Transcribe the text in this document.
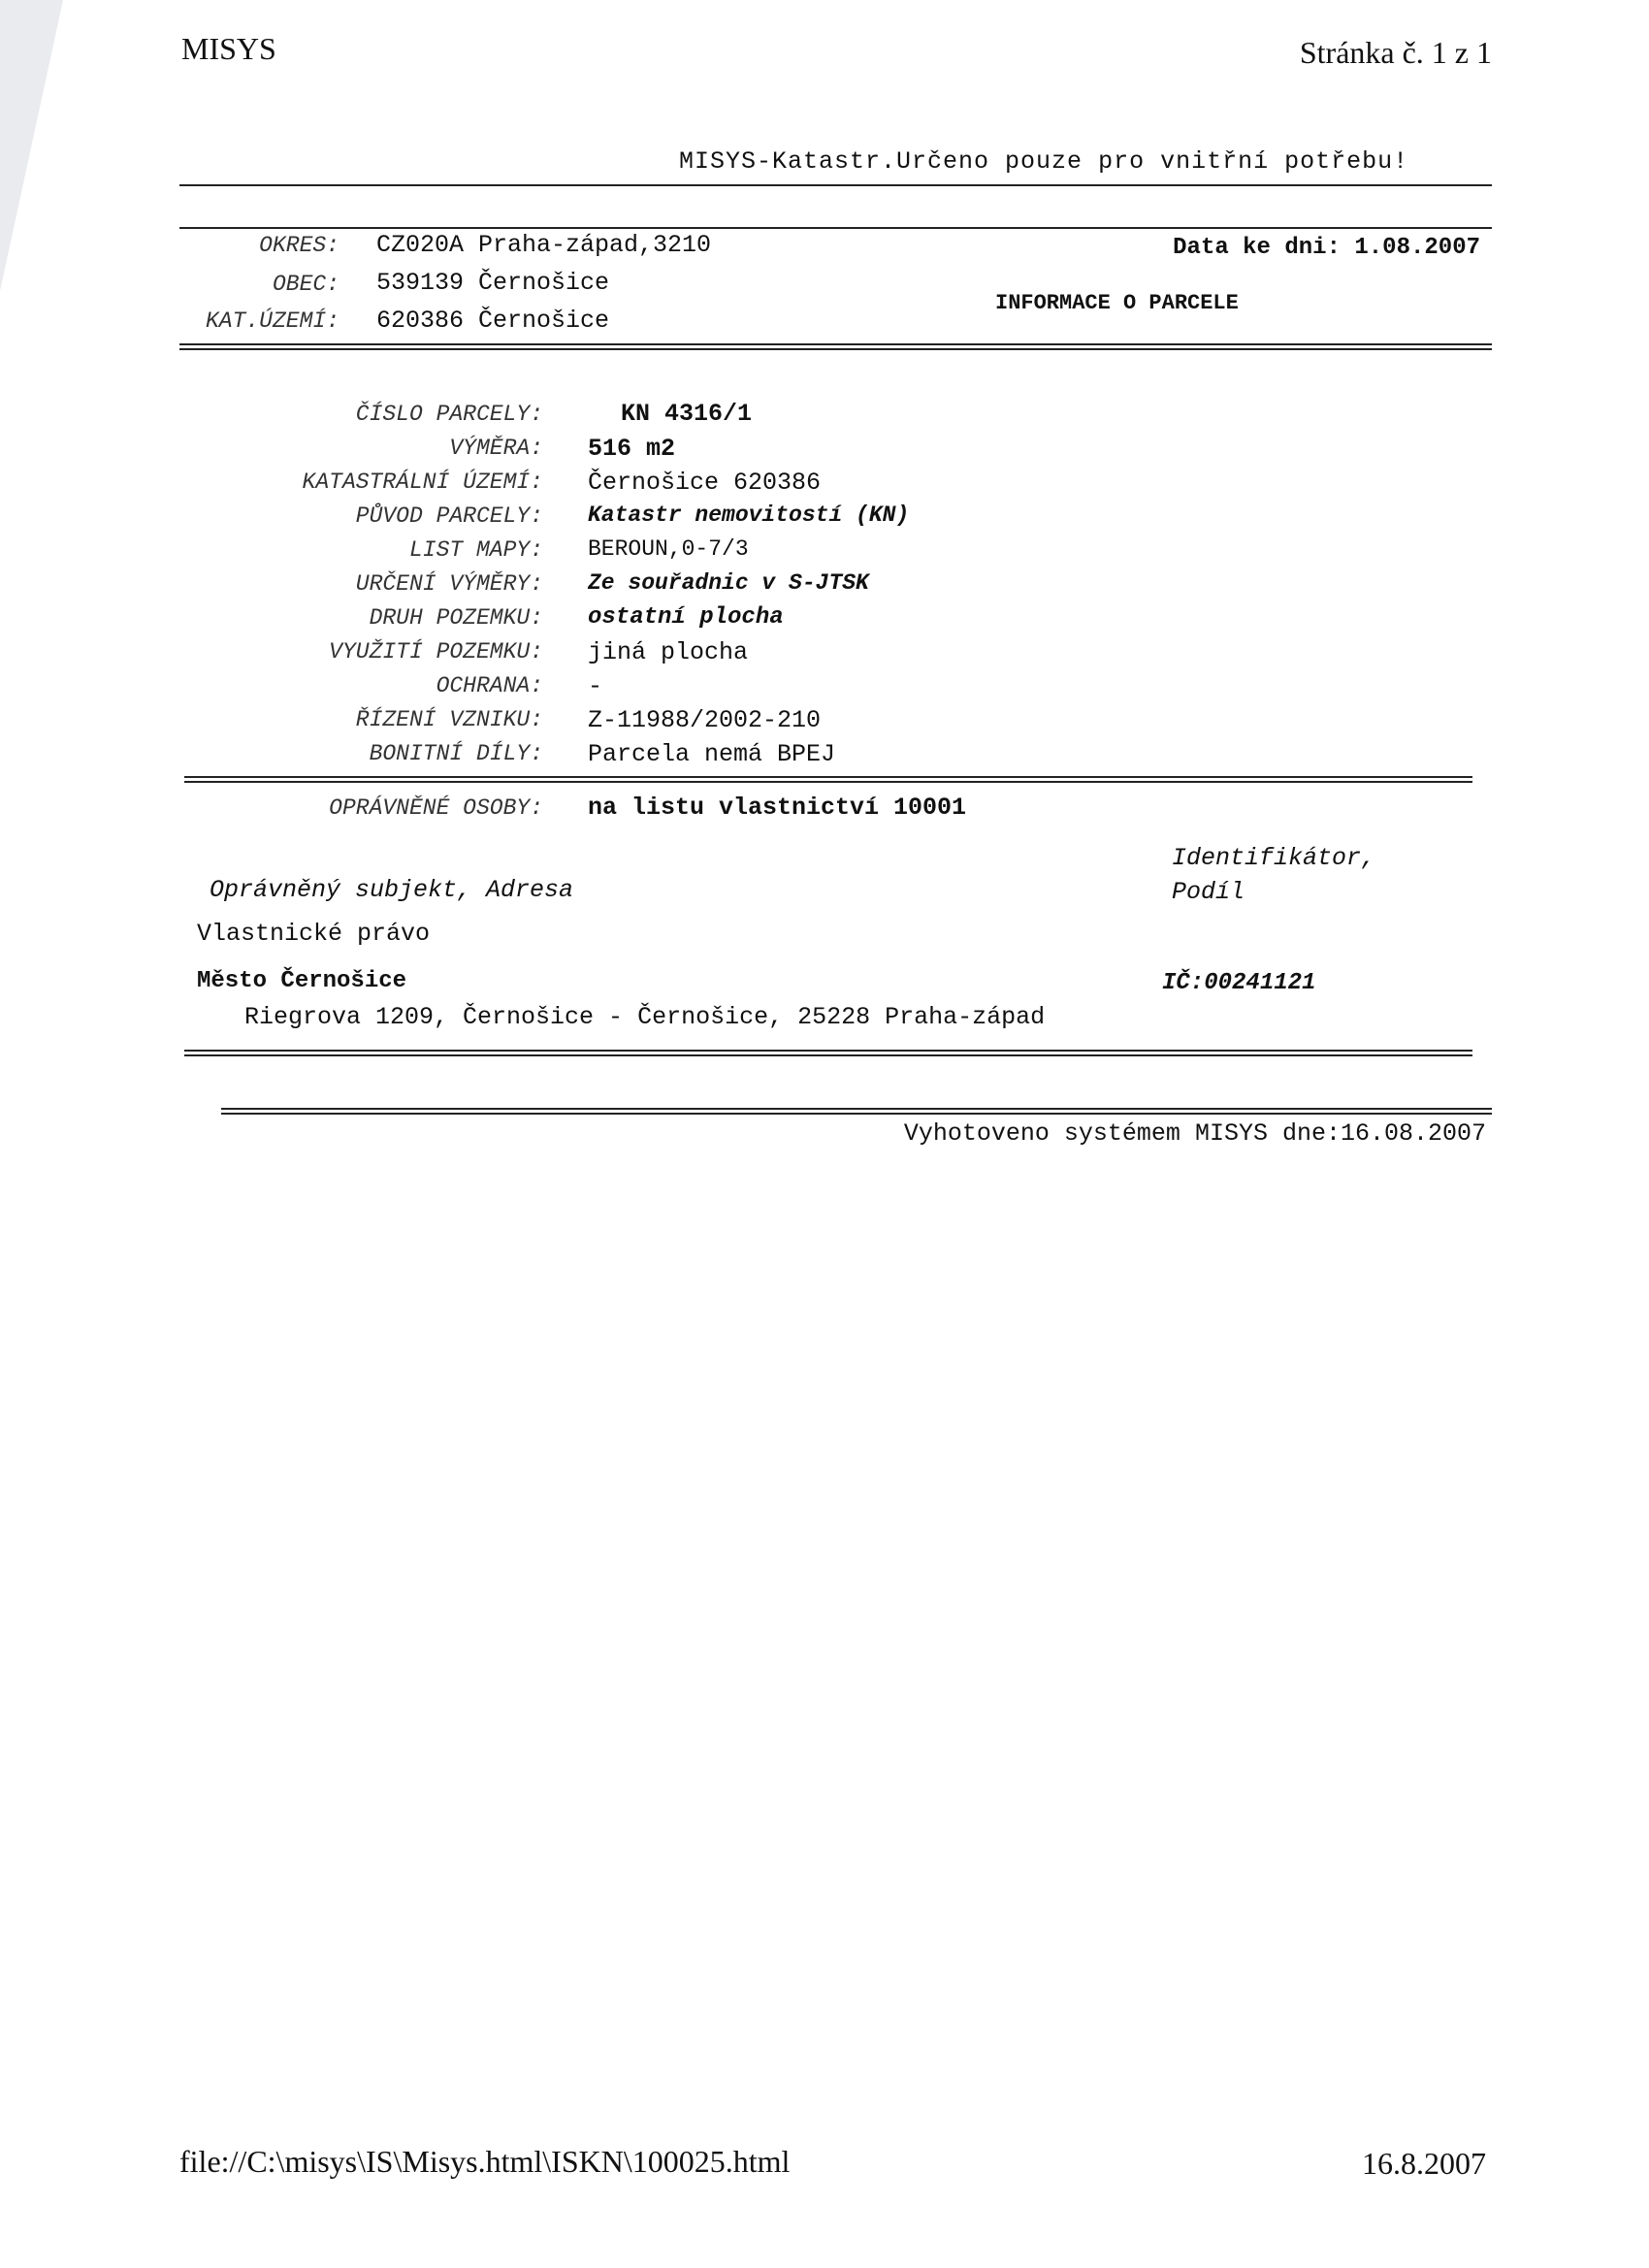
MISYS	Stránka č. 1 z 1
MISYS-Katastr.Určeno pouze pro vnitřní potřebu!
OKRES: CZ020A Praha-západ,3210
OBEC: 539139 Černošice
KAT.ÚZEMÍ: 620386 Černošice
Data ke dni: 1.08.2007
INFORMACE O PARCELE
ČÍSLO PARCELY:	KN 4316/1
VÝMĚRA: 516 m2
KATASTRÁLNÍ ÚZEMÍ: Černošice 620386
PŮVOD PARCELY: Katastr nemovitostí (KN)
LIST MAPY: BEROUN,0-7/3
URČENÍ VÝMĚRY: Ze souřadnic v S-JTSK
DRUH POZEMKU: ostatní plocha
VYUŽITÍ POZEMKU: jiná plocha
OCHRANA: -
ŘÍZENÍ VZNIKU: Z-11988/2002-210
BONITNÍ DÍLY: Parcela nemá BPEJ
OPRÁVNĚNÉ OSOBY: na listu vlastnictví 10001
Identifikátor,
Podíl
Oprávněný subjekt, Adresa
Vlastnické právo
Město Černošice	IČ:00241121
Riegrova 1209, Černošice - Černošice, 25228 Praha-západ
Vyhotoveno systémem MISYS dne:16.08.2007
file://C:\misys\IS\Misys.html\ISKN\100025.html	16.8.2007
